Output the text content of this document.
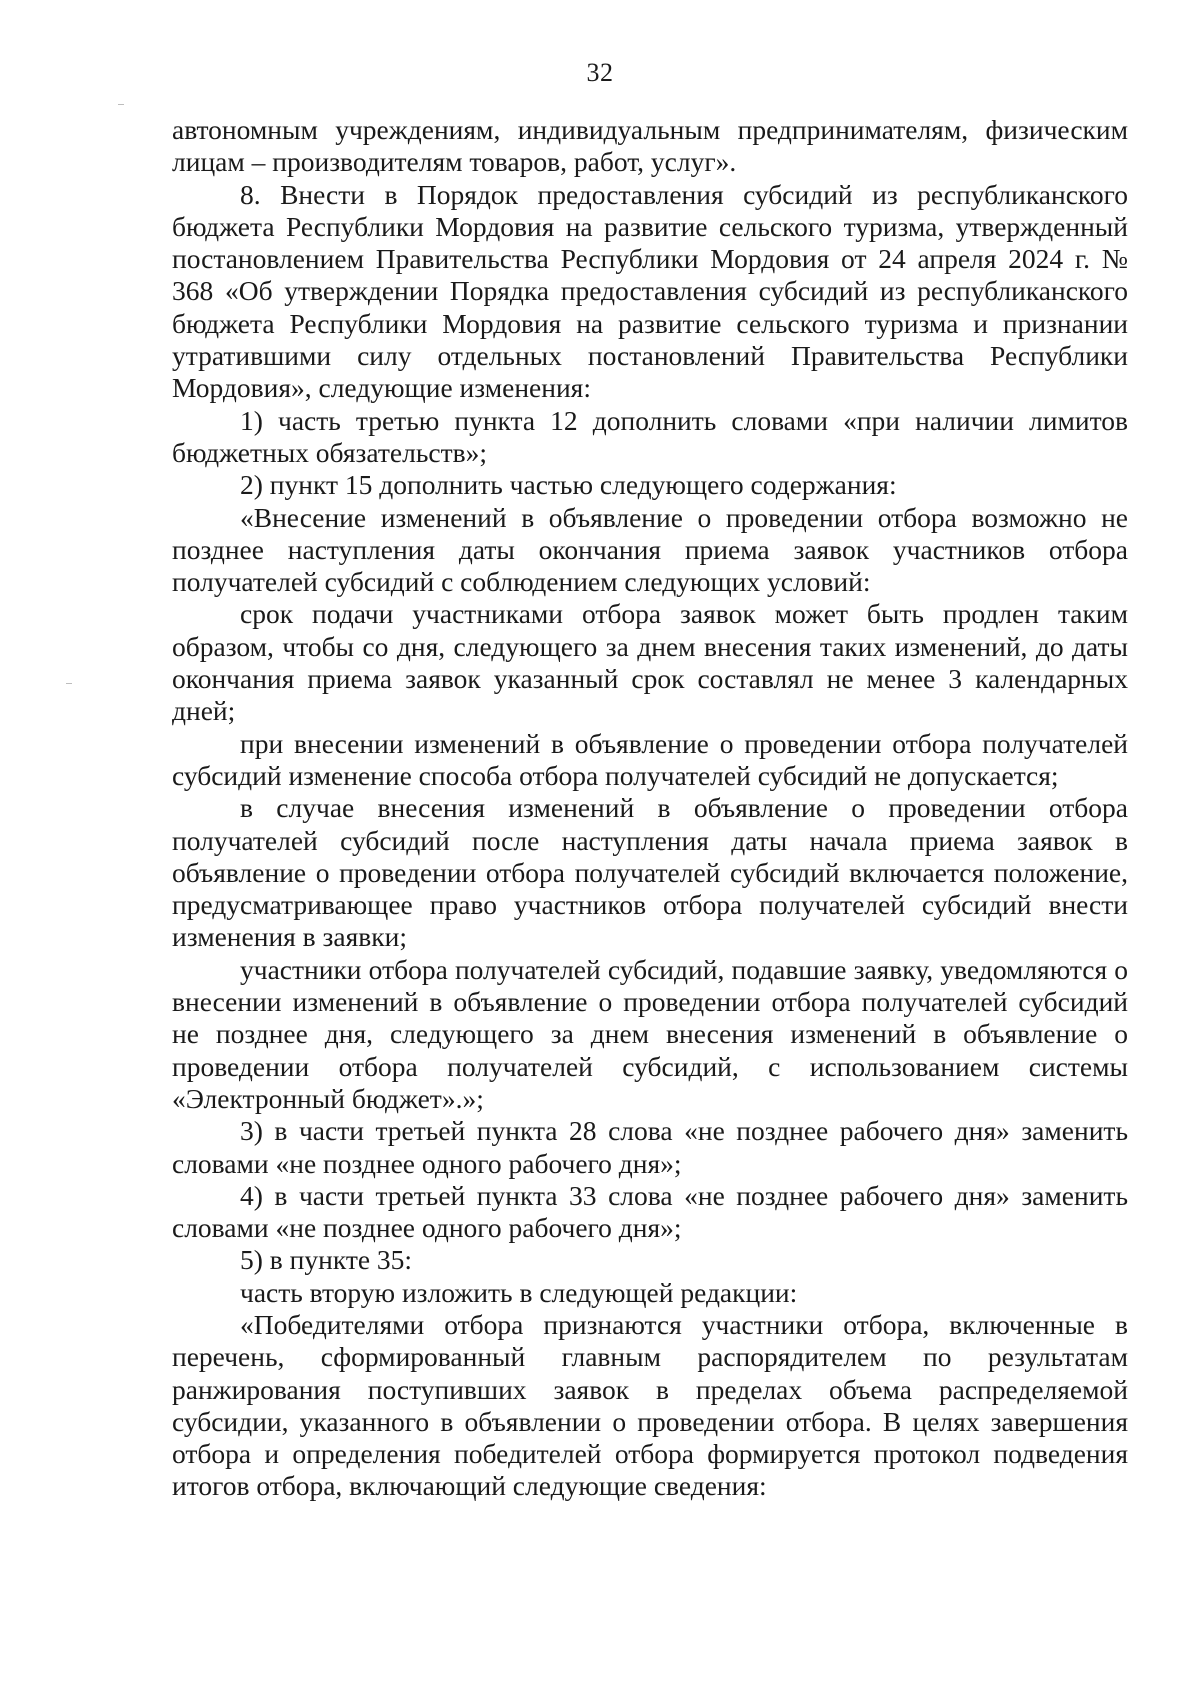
32

автономным учреждениям, индивидуальным предпринимателям, физическим лицам – производителям товаров, работ, услуг».

8. Внести в Порядок предоставления субсидий из республиканского бюджета Республики Мордовия на развитие сельского туризма, утвержденный постановлением Правительства Республики Мордовия от 24 апреля 2024 г. № 368 «Об утверждении Порядка предоставления субсидий из республиканского бюджета Республики Мордовия на развитие сельского туризма и признании утратившими силу отдельных постановлений Правительства Республики Мордовия», следующие изменения:

1) часть третью пункта 12 дополнить словами «при наличии лимитов бюджетных обязательств»;

2) пункт 15 дополнить частью следующего содержания:

«Внесение изменений в объявление о проведении отбора возможно не позднее наступления даты окончания приема заявок участников отбора получателей субсидий с соблюдением следующих условий:

срок подачи участниками отбора заявок может быть продлен таким образом, чтобы со дня, следующего за днем внесения таких изменений, до даты окончания приема заявок указанный срок составлял не менее 3 календарных дней;

при внесении изменений в объявление о проведении отбора получателей субсидий изменение способа отбора получателей субсидий не допускается;

в случае внесения изменений в объявление о проведении отбора получателей субсидий после наступления даты начала приема заявок в объявление о проведении отбора получателей субсидий включается положение, предусматривающее право участников отбора получателей субсидий внести изменения в заявки;

участники отбора получателей субсидий, подавшие заявку, уведомляются о внесении изменений в объявление о проведении отбора получателей субсидий не позднее дня, следующего за днем внесения изменений в объявление о проведении отбора получателей субсидий, с использованием системы «Электронный бюджет».»;

3) в части третьей пункта 28 слова «не позднее рабочего дня» заменить словами «не позднее одного рабочего дня»;

4) в части третьей пункта 33 слова «не позднее рабочего дня» заменить словами «не позднее одного рабочего дня»;

5) в пункте 35:

часть вторую изложить в следующей редакции:

«Победителями отбора признаются участники отбора, включенные в перечень, сформированный главным распорядителем по результатам ранжирования поступивших заявок в пределах объема распределяемой субсидии, указанного в объявлении о проведении отбора. В целях завершения отбора и определения победителей отбора формируется протокол подведения итогов отбора, включающий следующие сведения:
